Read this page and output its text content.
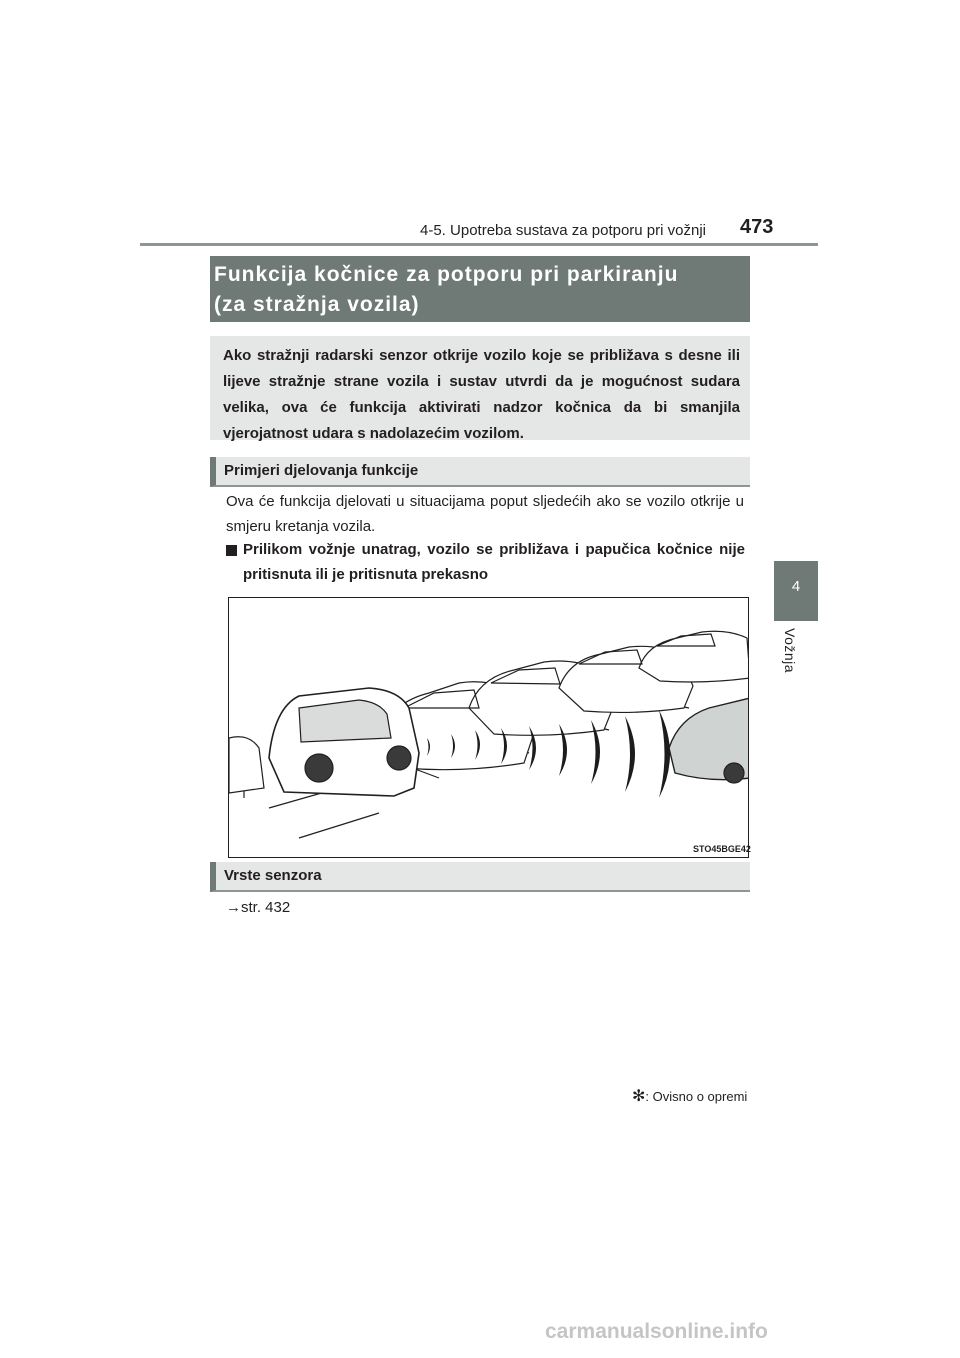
4-5. Upotreba sustava za potporu pri vožnji 473
4
Vožnja
Funkcija kočnice za potporu pri parkiranju
(za stražnja vozila)
Ako stražnji radarski senzor otkrije vozilo koje se približava s desne ili lijeve stražnje strane vozila i sustav utvrdi da je mogućnost sudara velika, ova će funkcija aktivirati nadzor kočnica da bi smanjila vjerojatnost udara s nadolazećim vozilom.
Primjeri djelovanja funkcije
Ova će funkcija djelovati u situacijama poput sljedećih ako se vozilo otkrije u smjeru kretanja vozila.
Prilikom vožnje unatrag, vozilo se približava i papučica kočnice nije pritisnuta ili je pritisnuta prekasno
STO45BGE42
Vrste senzora
→str. 432
✻: Ovisno o opremi
carmanualsonline.info
